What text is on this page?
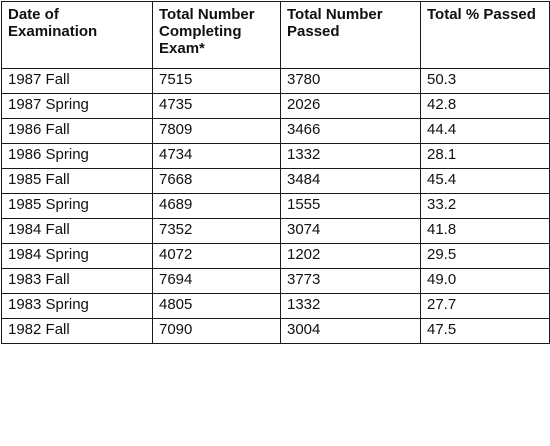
Date of Examination	Total Number Completing Exam*	Total Number Passed	Total % Passed
1987 Fall	7515	3780	50.3
1987 Spring	4735	2026	42.8
1986 Fall	7809	3466	44.4
1986 Spring	4734	1332	28.1
1985 Fall	7668	3484	45.4
1985 Spring	4689	1555	33.2
1984 Fall	7352	3074	41.8
1984 Spring	4072	1202	29.5
1983 Fall	7694	3773	49.0
1983 Spring	4805	1332	27.7
1982 Fall	7090	3004	47.5
